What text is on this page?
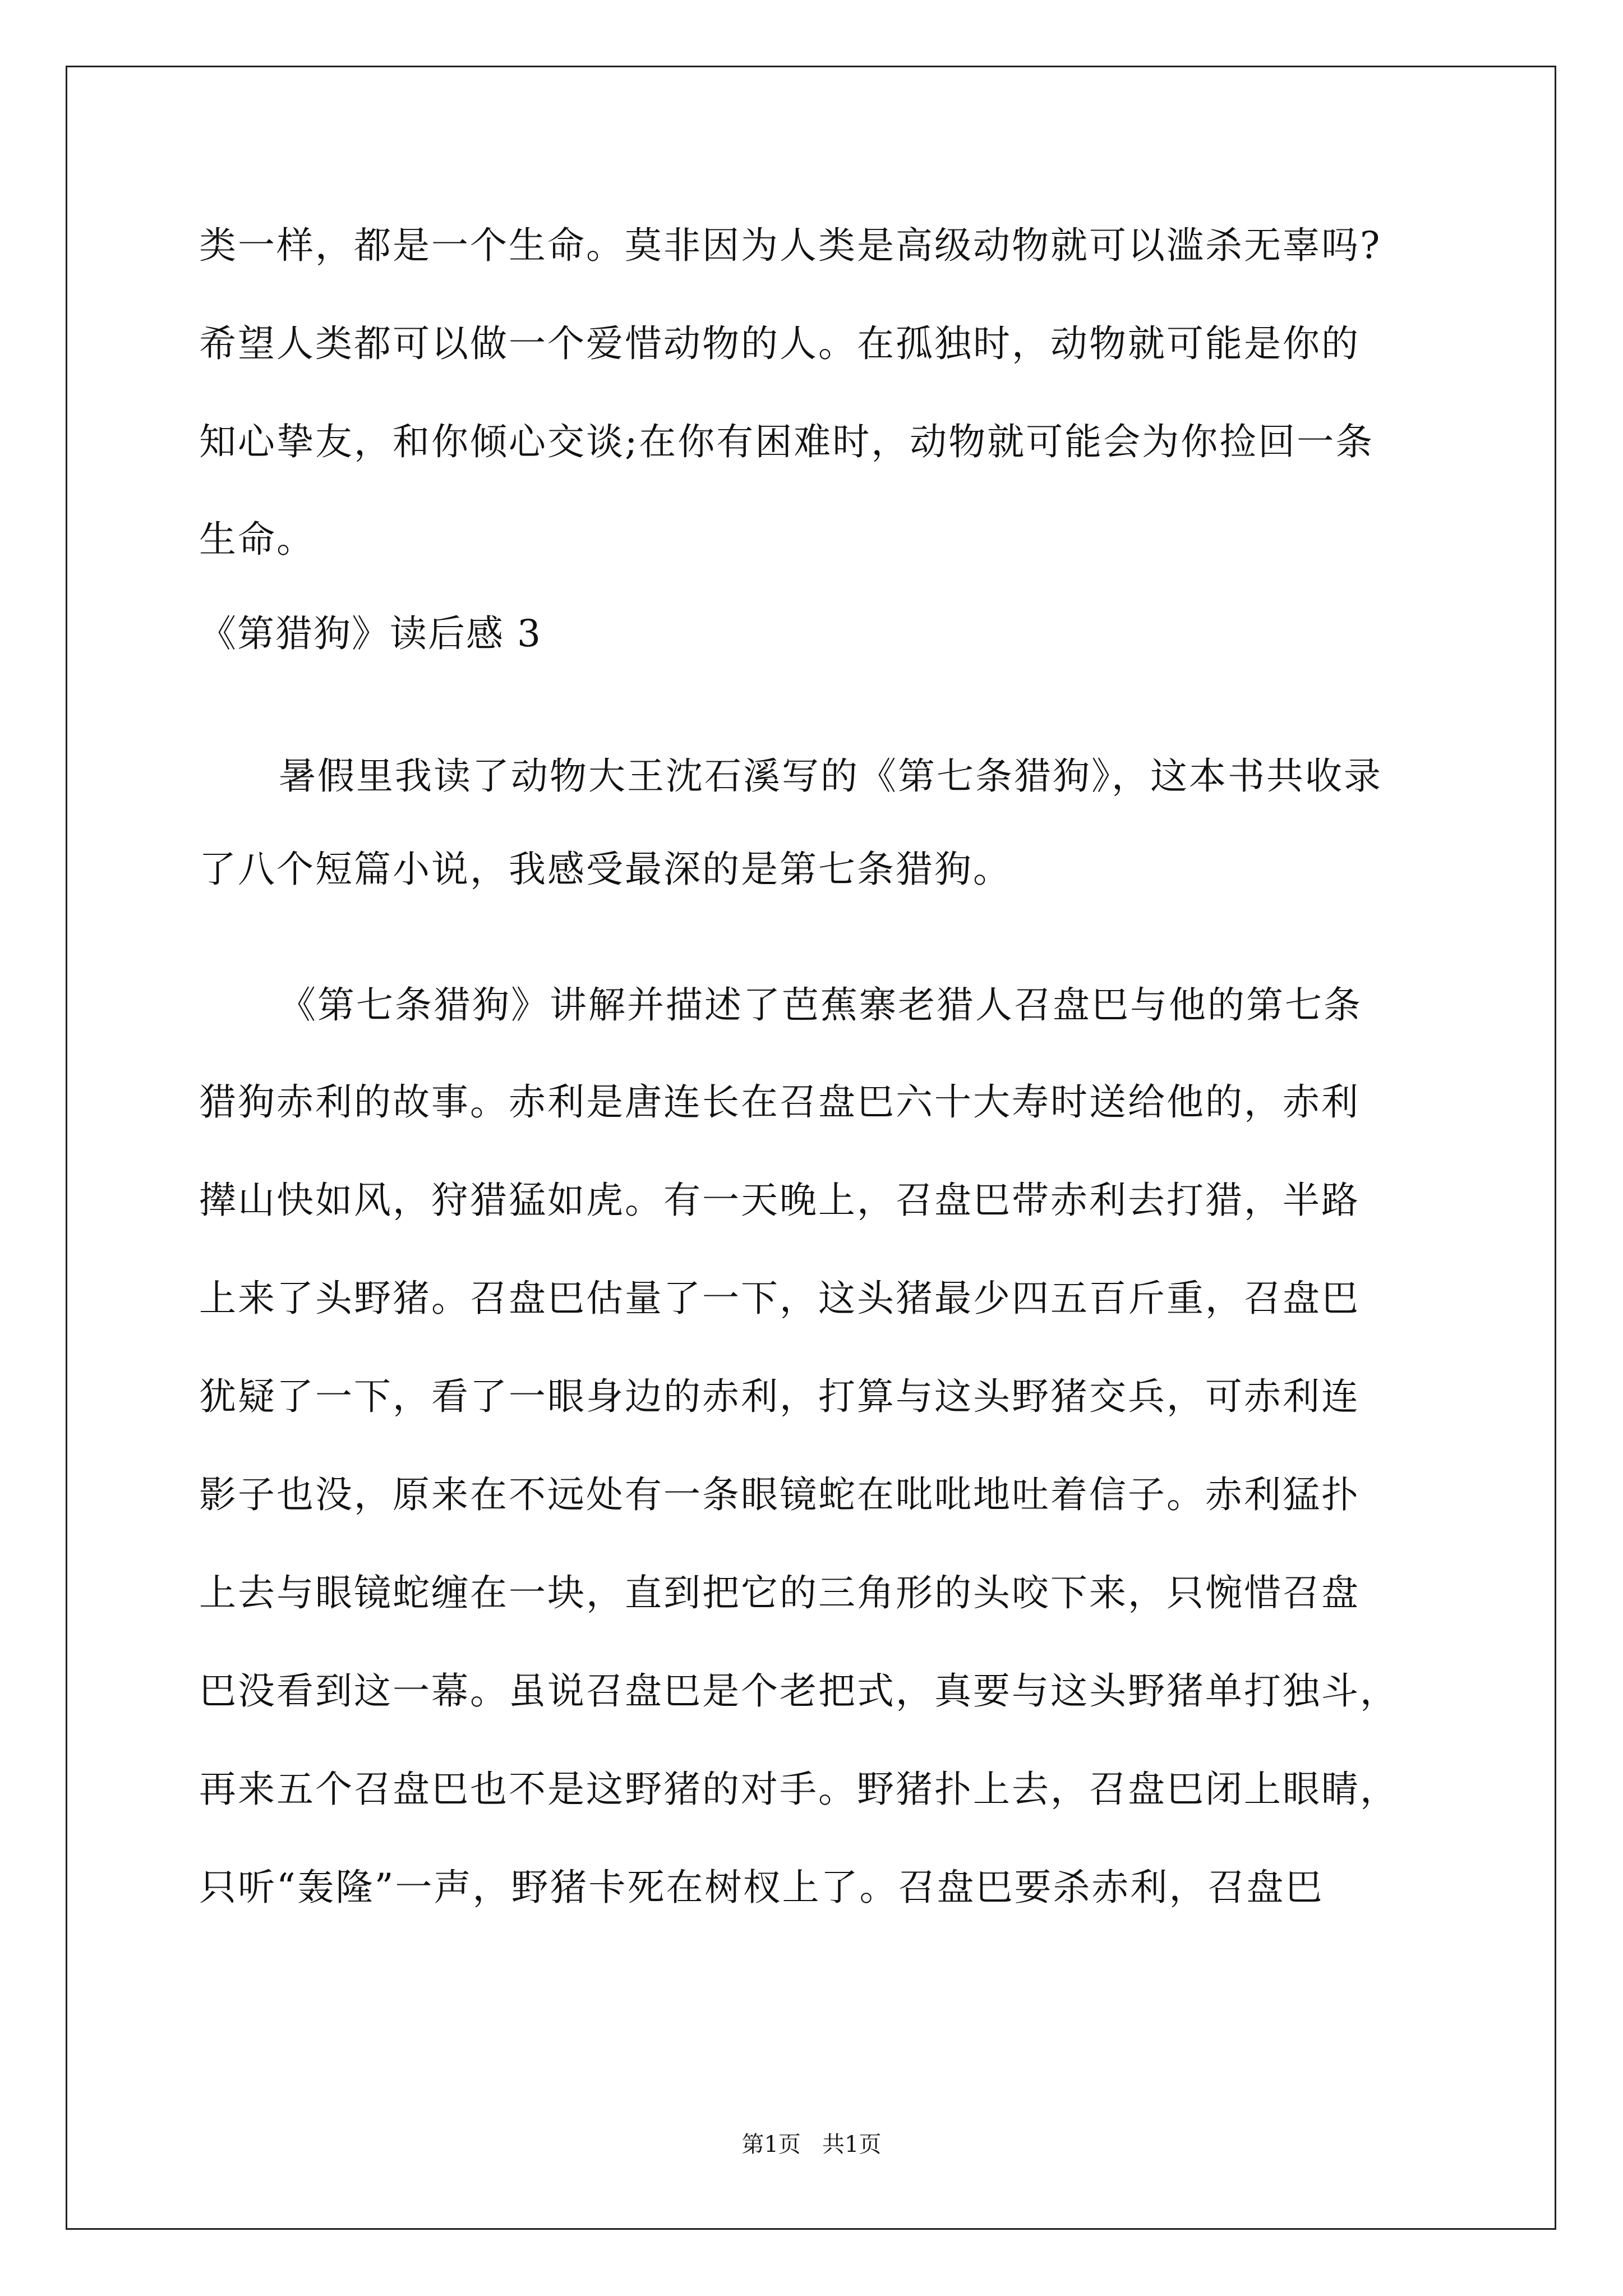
类一样，都是一个生命。莫非因为人类是高级动物就可以滥杀无辜吗?
希望人类都可以做一个爱惜动物的人。在孤独时，动物就可能是你的
知心挚友，和你倾心交谈;在你有困难时，动物就可能会为你捡回一条
生命。
《第猎狗》读后感 3
暑假里我读了动物大王沈石溪写的《第七条猎狗》，这本书共收录
了八个短篇小说，我感受最深的是第七条猎狗。
《第七条猎狗》讲解并描述了芭蕉寨老猎人召盘巴与他的第七条
猎狗赤利的故事。赤利是唐连长在召盘巴六十大寿时送给他的，赤利
撵山快如风，狩猎猛如虎。有一天晚上，召盘巴带赤利去打猎，半路
上来了头野猪。召盘巴估量了一下，这头猪最少四五百斤重，召盘巴
犹疑了一下，看了一眼身边的赤利，打算与这头野猪交兵，可赤利连
影子也没，原来在不远处有一条眼镜蛇在吡吡地吐着信子。赤利猛扑
上去与眼镜蛇缠在一块，直到把它的三角形的头咬下来，只惋惜召盘
巴没看到这一幕。虽说召盘巴是个老把式，真要与这头野猪单打独斗，
再来五个召盘巴也不是这野猪的对手。野猪扑上去，召盘巴闭上眼睛，
只听“轰隆”一声，野猪卡死在树杈上了。召盘巴要杀赤利，召盘巴
第1页   共1页
